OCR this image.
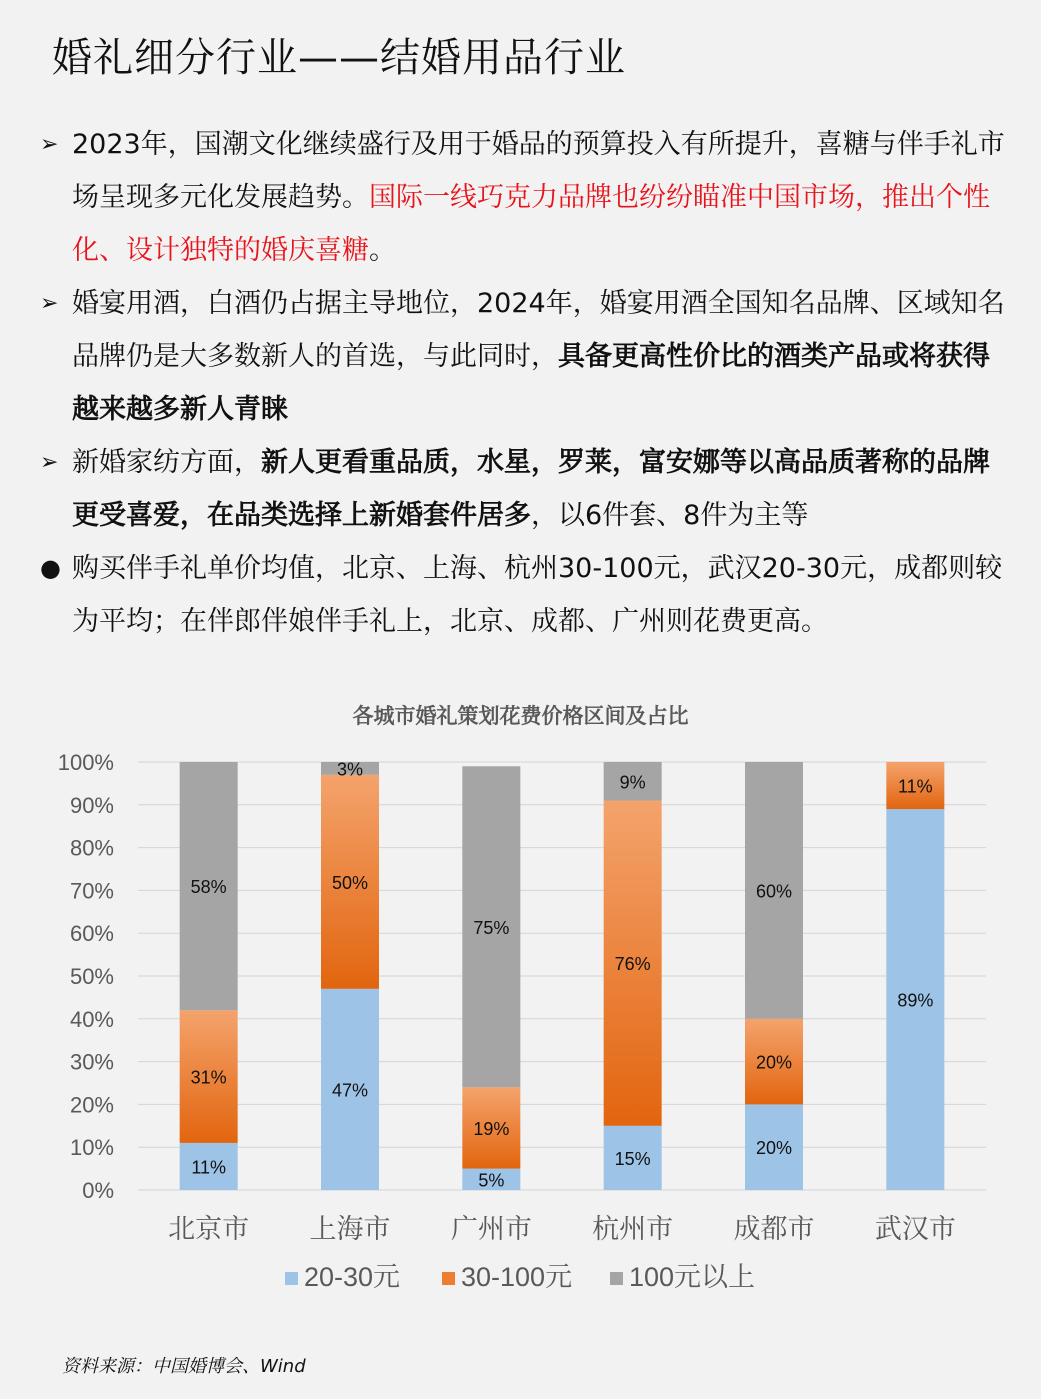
婚礼细分行业——结婚用品行业
➢ 2023年，国潮文化继续盛行及用于婚品的预算投入有所提升，喜糖与伴手礼市场呈现多元化发展趋势。国际一线巧克力品牌也纷纷瞄准中国市场，推出个性化、设计独特的婚庆喜糖。
➢ 婚宴用酒，白酒仍占据主导地位，2024年，婚宴用酒全国知名品牌、区域知名品牌仍是大多数新人的首选，与此同时，具备更高性价比的酒类产品或将获得越来越多新人青睐
➢ 新婚家纺方面，新人更看重品质，水星，罗莱，富安娜等以高品质著称的品牌更受喜爱，在品类选择上新婚套件居多，以6件套、8件为主等
● 购买伴手礼单价均值，北京、上海、杭州30-100元，武汉20-30元，成都则较为平均；在伴郎伴娘伴手礼上，北京、成都、广州则花费更高。
各城市婚礼策划花费价格区间及占比
0%
10%
20%
30%
40%
50%
60%
70%
80%
90%
100%
11%
31%
58%
北京市
47%
50%
3%
上海市
5%
19%
75%
广州市
15%
76%
9%
杭州市
20%
20%
60%
成都市
89%
11%
武汉市
20-30元 30-100元 100元以上
资料来源：中国婚博会、Wind
